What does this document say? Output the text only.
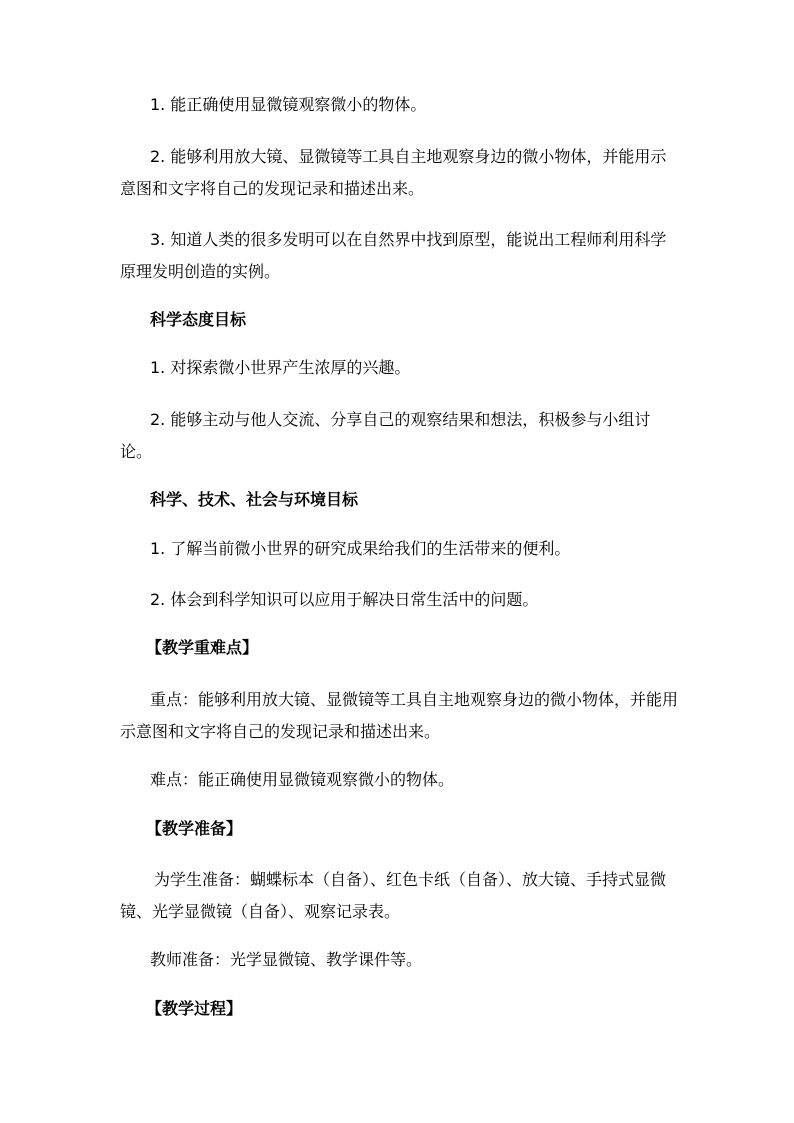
1. 能正确使用显微镜观察微小的物体。

2. 能够利用放大镜、显微镜等工具自主地观察身边的微小物体，并能用示意图和文字将自己的发现记录和描述出来。

3. 知道人类的很多发明可以在自然界中找到原型，能说出工程师利用科学原理发明创造的实例。

科学态度目标

1. 对探索微小世界产生浓厚的兴趣。

2. 能够主动与他人交流、分享自己的观察结果和想法，积极参与小组讨论。

科学、技术、社会与环境目标

1. 了解当前微小世界的研究成果给我们的生活带来的便利。

2. 体会到科学知识可以应用于解决日常生活中的问题。

【教学重难点】

重点：能够利用放大镜、显微镜等工具自主地观察身边的微小物体，并能用示意图和文字将自己的发现记录和描述出来。

难点：能正确使用显微镜观察微小的物体。

【教学准备】

为学生准备：蝴蝶标本（自备）、红色卡纸（自备）、放大镜、手持式显微镜、光学显微镜（自备）、观察记录表。

教师准备：光学显微镜、教学课件等。

【教学过程】
